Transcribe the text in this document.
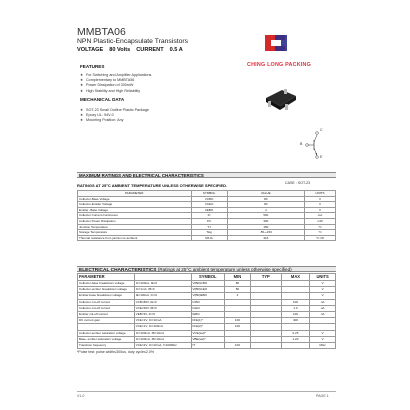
MMBTA06
NPN Plastic-Encapsulate Transistors
VOLTAGE 80 Volts CURRENT 0.5 A
CHING LONG PACKING
FEATURES
★ For Switching and Amplifier Applications
★ Complementary to MMBTA56
★ Power Dissipation of 300mW
★ High Stability and High Reliability
MECHANICAL DATA
★ SOT-23 Small Outline Plastic Package
★ Epoxy UL: 94V-0
★ Mounting Position: Any
C
B
E
CASE : SOT-23
MAXIMUM RATINGS AND ELECTRICAL CHARACTERISTICS
RATINGS AT 25°C AMBIENT TEMPERATURE UNLESS OTHERWISE SPECIFIED.
PARAMETER	SYMBOL	VALUE	UNITS
Collector-Base Voltage	VCBO	80	V
Collector-Emitter Voltage	VCEO	80	V
Emitter -Base Voltage	VEBO	4	V
Collector Current-Continuous	IC	500	mA
Collector Power Dissipation	PC	300	mW
Junction Temperature	TJ	150	°C
Storage Temperature	Tstg	-55-+150	°C
Thermal resistance from junction to ambient	RθJA	416	°C /W
ELECTRICAL CHARACTERISTICS (Ratings at 25°C ambient temperature unless otherwise specified)
PARAMETER		SYMBOL	MIN	TYP	MAX	UNITS
Collector-base breakdown voltage	IC=100uA, IE=0	V(BR)CBO	80			V
Collector-emitter breakdown voltage	IC=1mA, IB=0	V(BR)CEO	80			V
Emitter-base breakdown voltage	IE=100uA, IC=0	V(BR)EBO	4			V
Collector cut-off current	VCB=80V, IE=0	ICBO			100	nA
Collector cut-off current	VCE=60V, IB=0	ICEO			1.0	uA
Emitter cut-off current	VEB=3V, IC=0	IEBO			100	nA
DC current gain	VCE=1V, IC=10mA	hFE(1)*	100		400	
	VCE=1V, IC=100mA	hFE(2)*	100			
Collector-emitter saturation voltage	IC=100mA, IB=10mA	VCE(sat)*			0.25	V
Base- emitter saturation voltage	IC=100mA, IB=10mA	VBE(sat)*			1.20	V
Transition frequency	VCE=2V, IC=10mA, f=100MHz	fT	100			MHz
*Pulse test: pulse width≤300us, duty cycle≤2.0%
V1.0	PAGE.1
